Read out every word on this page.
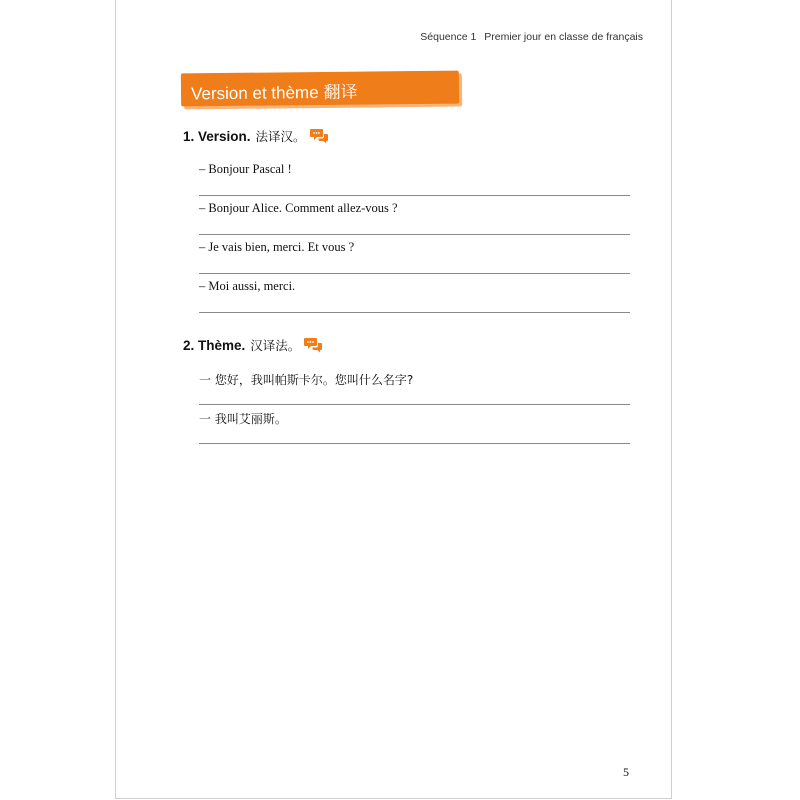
Séquence 1 Premier jour en classe de français
Version et thème 翻译
1. Version. 法译汉。
– Bonjour Pascal !
– Bonjour Alice. Comment allez-vous ?
– Je vais bien, merci. Et vous ?
– Moi aussi, merci.
2. Thème. 汉译法。
一 您好，我叫帕斯卡尔。您叫什么名字?
一 我叫艾丽斯。
5
